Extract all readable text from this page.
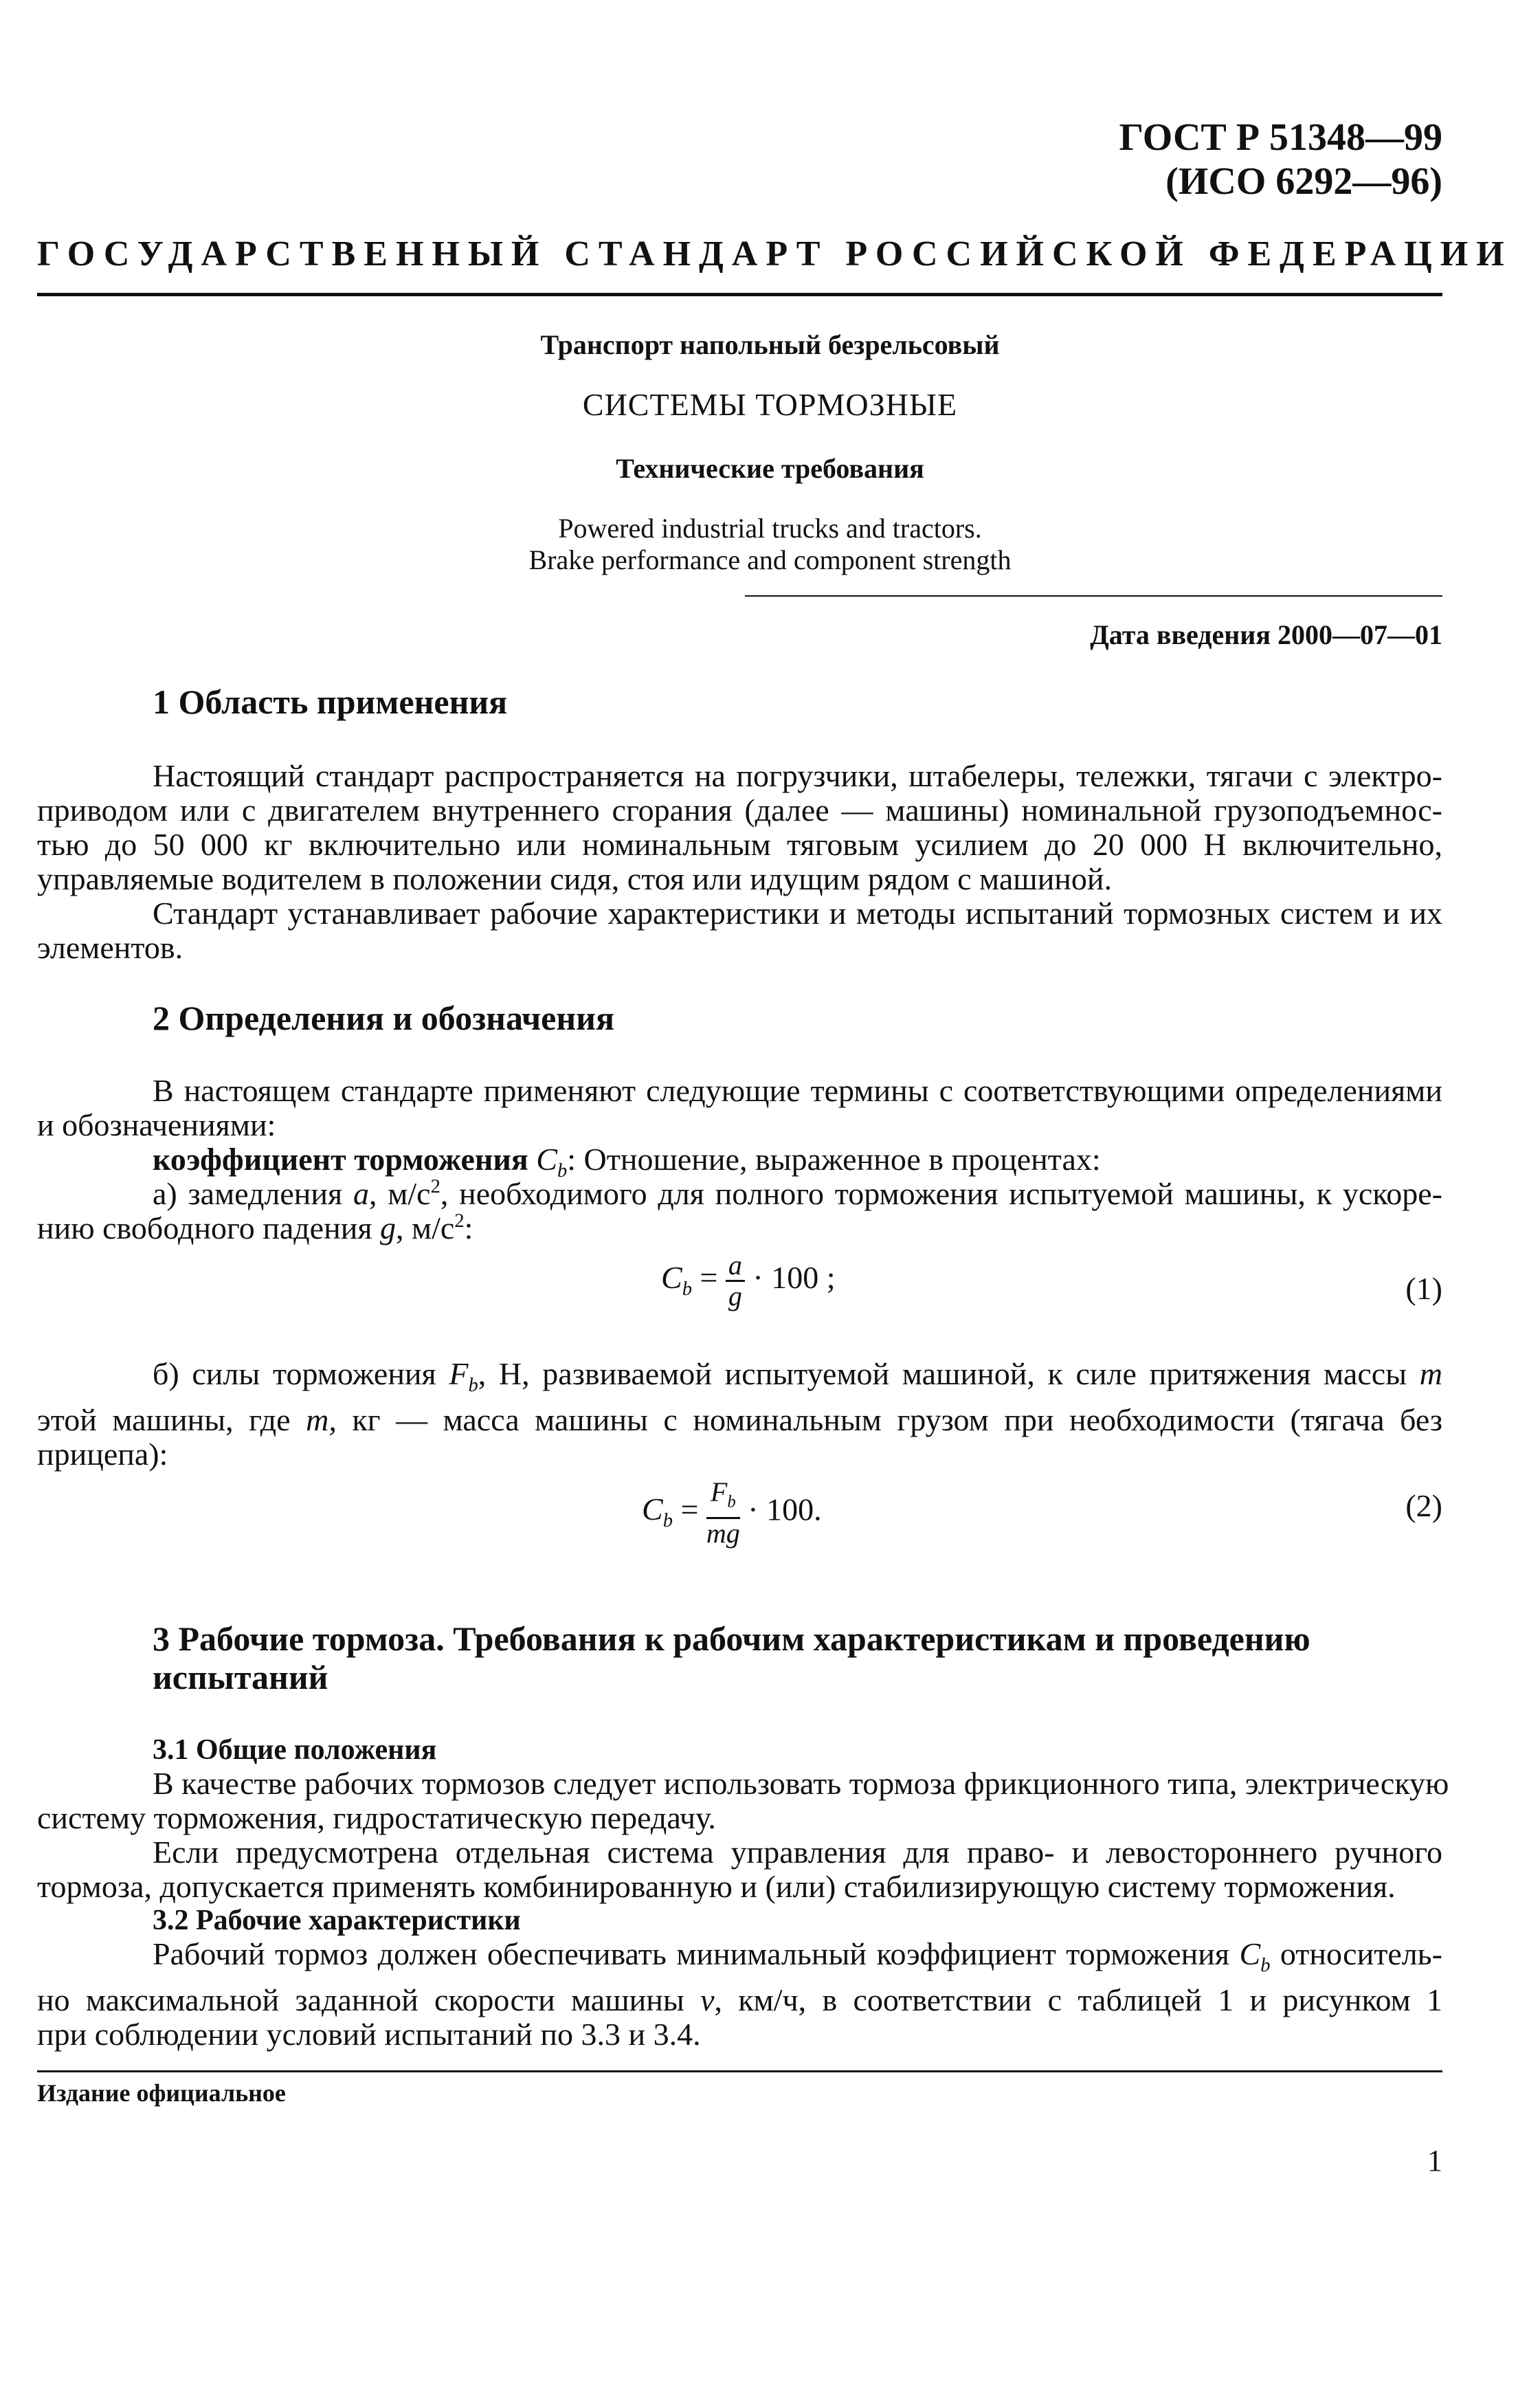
ГОСТ Р 51348—99
(ИСО 6292—96)
ГОСУДАРСТВЕННЫЙ СТАНДАРТ РОССИЙСКОЙ ФЕДЕРАЦИИ
Транспорт напольный безрельсовый
СИСТЕМЫ ТОРМОЗНЫЕ
Технические требования
Powered industrial trucks and tractors.
Brake performance and component strength
Дата введения 2000—07—01
1 Область применения
Настоящий стандарт распространяется на погрузчики, штабелеры, тележки, тягачи с электро-
приводом или с двигателем внутреннего сгорания (далее — машины) номинальной грузоподъемнос-
тью до 50 000 кг включительно или номинальным тяговым усилием до 20 000 Н включительно,
управляемые водителем в положении сидя, стоя или идущим рядом с машиной.
Стандарт устанавливает рабочие характеристики и методы испытаний тормозных систем и их
элементов.
2 Определения и обозначения
В настоящем стандарте применяют следующие термины с соответствующими определениями
и обозначениями:
коэффициент торможения $C_b$: Отношение, выраженное в процентах:
а) замедления a, $м/с^2$, необходимого для полного торможения испытуемой машины, к ускоре-
нию свободного падения g, $м/с^2$:
$C_b = \frac{a}{g} \cdot 100$ ;	(1)
б) силы торможения $F_b$, Н, развиваемой испытуемой машиной, к силе притяжения массы m
этой машины, где m, кг — масса машины с номинальным грузом при необходимости (тягача без
прицепа):
$C_b = \frac{F_b}{mg} \cdot 100$.	(2)
3 Рабочие тормоза. Требования к рабочим характеристикам и проведению
испытаний
3.1 Общие положения
В качестве рабочих тормозов следует использовать тормоза фрикционного типа, электрическую
систему торможения, гидростатическую передачу.
Если предусмотрена отдельная система управления для право- и левостороннего ручного
тормоза, допускается применять комбинированную и (или) стабилизирующую систему торможения.
3.2 Рабочие характеристики
Рабочий тормоз должен обеспечивать минимальный коэффициент торможения $C_b$ относитель-
но максимальной заданной скорости машины v, км/ч, в соответствии с таблицей 1 и рисунком 1
при соблюдении условий испытаний по 3.3 и 3.4.
Издание официальное
1
